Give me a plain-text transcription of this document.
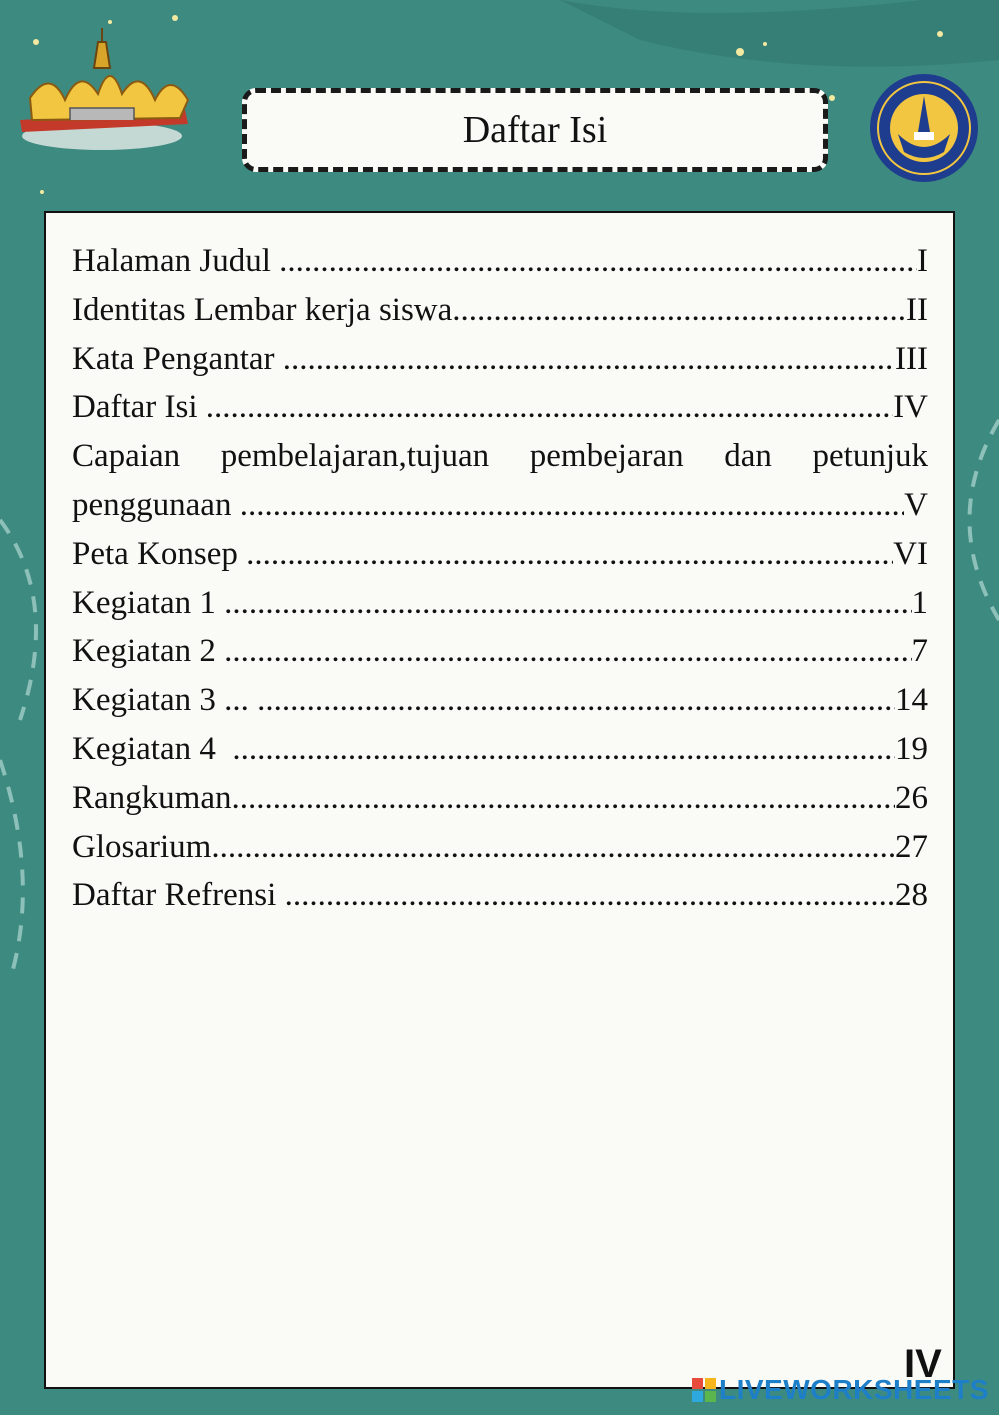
Daftar Isi
Halaman Judul .....	I
Identitas Lembar kerja siswa .....	II
Kata Pengantar .....	III
Daftar Isi .....	IV
Capaian pembelajaran,tujuan pembejaran dan petunjuk
penggunaan .....	V
Peta Konsep .....	VI
Kegiatan 1 .....	1
Kegiatan 2 .....	7
Kegiatan 3 ... .....	14
Kegiatan 4 .....	19
Rangkuman .....	26
Glosarium .....	27
Daftar Refrensi .....	28
IV
LIVEWORKSHEETS
